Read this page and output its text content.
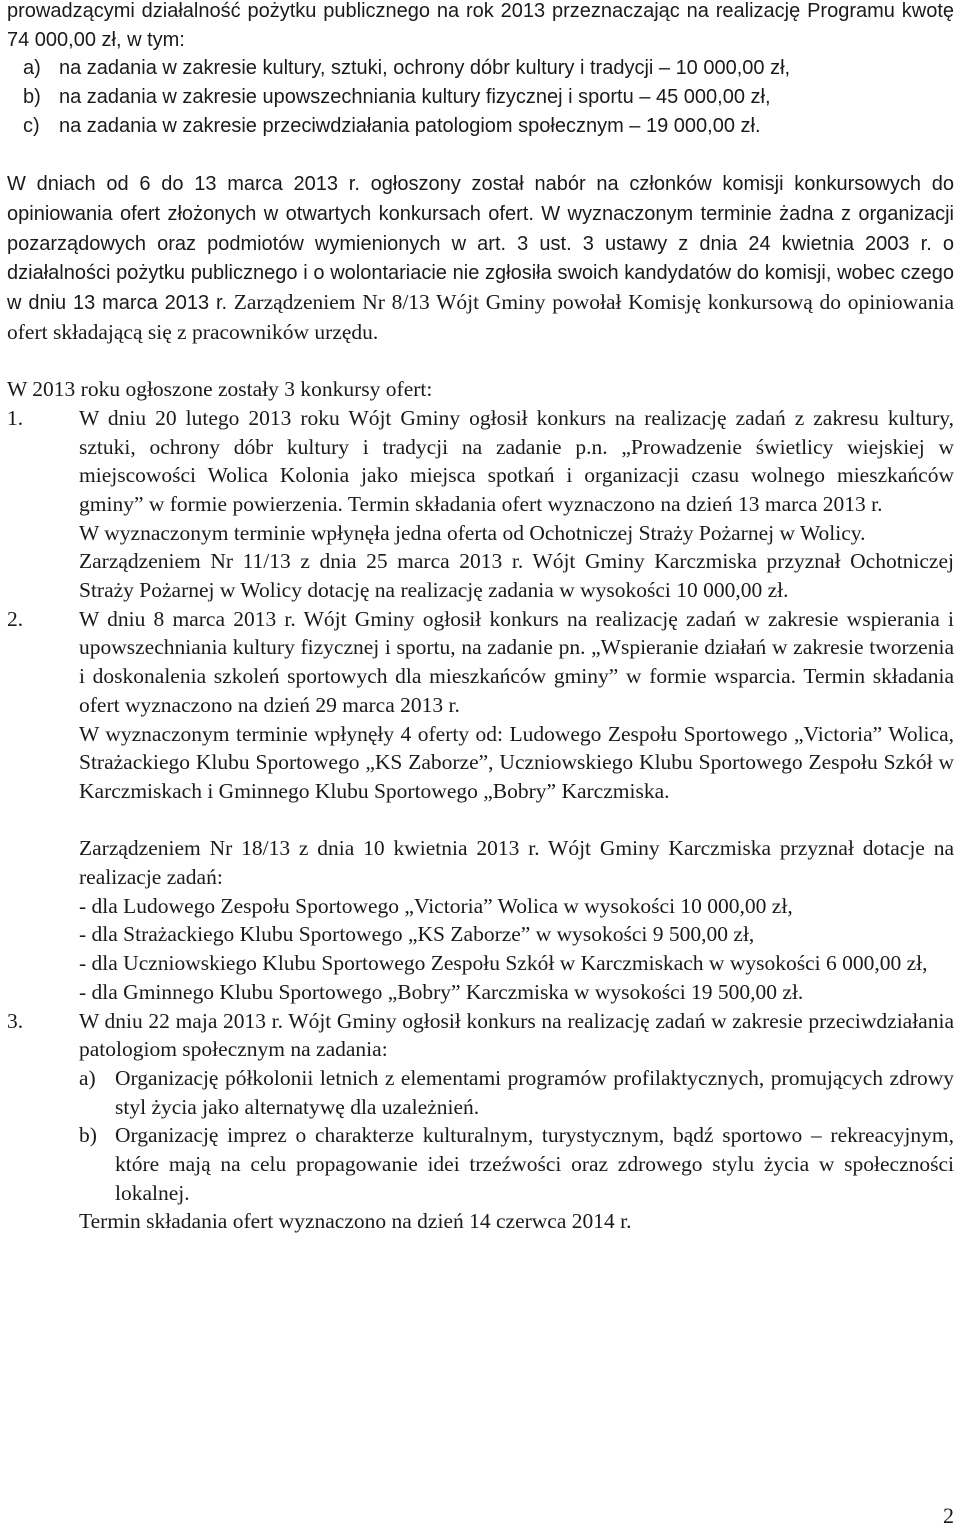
prowadzącymi działalność pożytku publicznego na rok 2013 przeznaczając na realizację Programu kwotę 74 000,00 zł, w tym:

a) na zadania w zakresie kultury, sztuki, ochrony dóbr kultury i tradycji – 10 000,00 zł,
b) na zadania w zakresie upowszechniania kultury fizycznej i sportu – 45 000,00 zł,
c) na zadania w zakresie przeciwdziałania patologiom społecznym – 19 000,00 zł.

W dniach od 6 do 13 marca 2013 r. ogłoszony został nabór na członków komisji konkursowych do opiniowania ofert złożonych w otwartych konkursach ofert. W wyznaczonym terminie żadna z organizacji pozarządowych oraz podmiotów wymienionych w art. 3 ust. 3 ustawy z dnia 24 kwietnia 2003 r. o działalności pożytku publicznego i o wolontariacie nie zgłosiła swoich kandydatów do komisji, wobec czego w dniu 13 marca 2013 r. Zarządzeniem Nr 8/13 Wójt Gminy powołał Komisję konkursową do opiniowania ofert składającą się z pracowników urzędu.

W 2013 roku ogłoszone zostały 3 konkursy ofert:

1.	W dniu 20 lutego 2013 roku Wójt Gminy ogłosił konkurs na realizację zadań z zakresu kultury, sztuki, ochrony dóbr kultury i tradycji na zadanie p.n. „Prowadzenie świetlicy wiejskiej w miejscowości Wolica Kolonia jako miejsca spotkań i organizacji czasu wolnego mieszkańców gminy” w formie powierzenia. Termin składania ofert wyznaczono na dzień 13 marca 2013 r.

W wyznaczonym terminie wpłynęła jedna oferta od Ochotniczej Straży Pożarnej w Wolicy.

Zarządzeniem Nr 11/13 z dnia 25 marca 2013 r. Wójt Gminy Karczmiska przyznał Ochotniczej Straży Pożarnej w Wolicy dotację na realizację zadania w wysokości 10 000,00 zł.

2.	W dniu 8 marca 2013 r. Wójt Gminy ogłosił konkurs na realizację zadań w zakresie wspierania i upowszechniania kultury fizycznej i sportu, na zadanie pn. „Wspieranie działań w zakresie tworzenia i doskonalenia szkoleń sportowych dla mieszkańców gminy” w formie wsparcia. Termin składania ofert wyznaczono na dzień 29 marca 2013 r.

W wyznaczonym terminie wpłynęły 4 oferty od: Ludowego Zespołu Sportowego „Victoria” Wolica, Strażackiego Klubu Sportowego „KS Zaborze”, Uczniowskiego Klubu Sportowego Zespołu Szkół w Karczmiskach i Gminnego Klubu Sportowego „Bobry” Karczmiska.

Zarządzeniem Nr 18/13 z dnia 10 kwietnia 2013 r. Wójt Gminy Karczmiska przyznał dotacje na realizacje zadań:

- dla Ludowego Zespołu Sportowego „Victoria” Wolica w wysokości 10 000,00 zł,

- dla Strażackiego Klubu Sportowego „KS Zaborze” w wysokości 9 500,00 zł,

- dla Uczniowskiego Klubu Sportowego Zespołu Szkół w Karczmiskach w wysokości 6 000,00 zł,

- dla Gminnego Klubu Sportowego „Bobry” Karczmiska w wysokości 19 500,00 zł.

3.	W dniu 22 maja 2013 r. Wójt Gminy ogłosił konkurs na realizację zadań w zakresie przeciwdziałania patologiom społecznym na zadania:

a) Organizację półkolonii letnich z elementami programów profilaktycznych, promujących zdrowy styl życia jako alternatywę dla uzależnień.
b) Organizację imprez o charakterze kulturalnym, turystycznym, bądź sportowo – rekreacyjnym, które mają na celu propagowanie idei trzeźwości oraz zdrowego stylu życia w społeczności lokalnej.

Termin składania ofert wyznaczono na dzień 14 czerwca 2014 r.

2
